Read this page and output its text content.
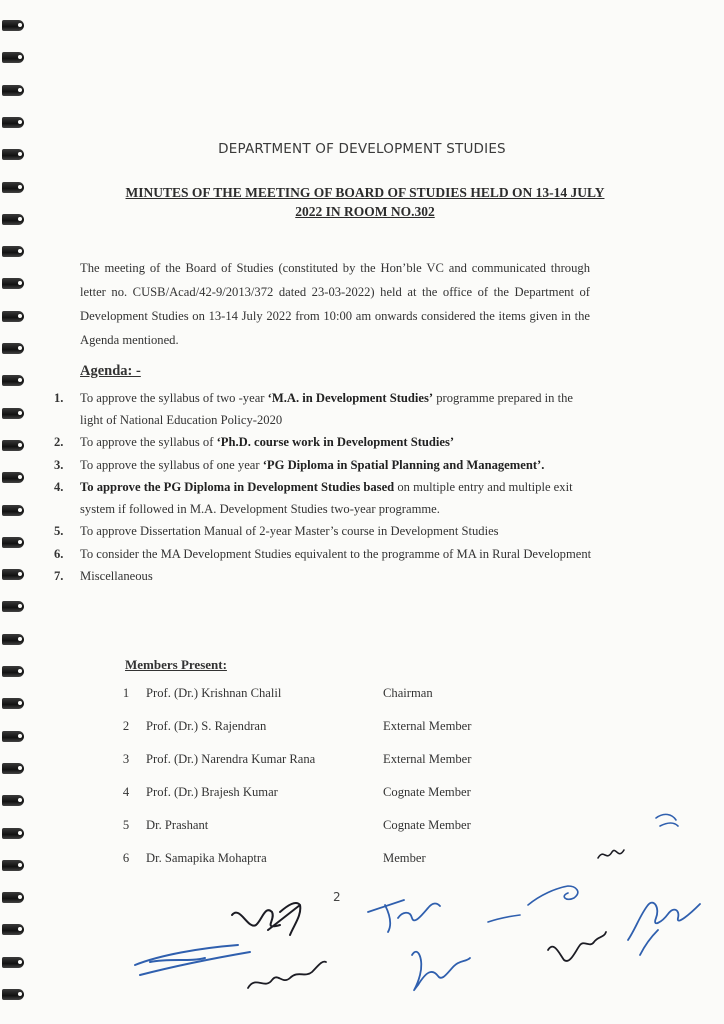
DEPARTMENT OF DEVELOPMENT STUDIES
MINUTES OF THE MEETING OF BOARD OF STUDIES HELD ON 13-14 JULY
2022 IN ROOM NO.302
The meeting of the Board of Studies (constituted by the Hon’ble VC and communicated through letter no. CUSB/Acad/42-9/2013/372 dated 23-03-2022) held at the office of the Department of Development Studies on 13-14 July 2022 from 10:00 am onwards considered the items given in the Agenda mentioned.
Agenda: -
1. To approve the syllabus of two -year ‘M.A. in Development Studies’ programme prepared in the light of National Education Policy-2020
2. To approve the syllabus of ‘Ph.D. course work in Development Studies’
3. To approve the syllabus of one year ‘PG Diploma in Spatial Planning and Management’.
4. To approve the PG Diploma in Development Studies based on multiple entry and multiple exit system if followed in M.A. Development Studies two-year programme.
5. To approve Dissertation Manual of 2-year Master’s course in Development Studies
6. To consider the MA Development Studies equivalent to the programme of MA in Rural Development
7. Miscellaneous
Members Present:
1	Prof. (Dr.) Krishnan Chalil	Chairman
2	Prof. (Dr.) S. Rajendran	External Member
3	Prof. (Dr.) Narendra Kumar Rana	External Member
4	Prof. (Dr.) Brajesh Kumar	Cognate Member
5	Dr. Prashant	Cognate Member
6	Dr. Samapika Mohaptra	Member
2
